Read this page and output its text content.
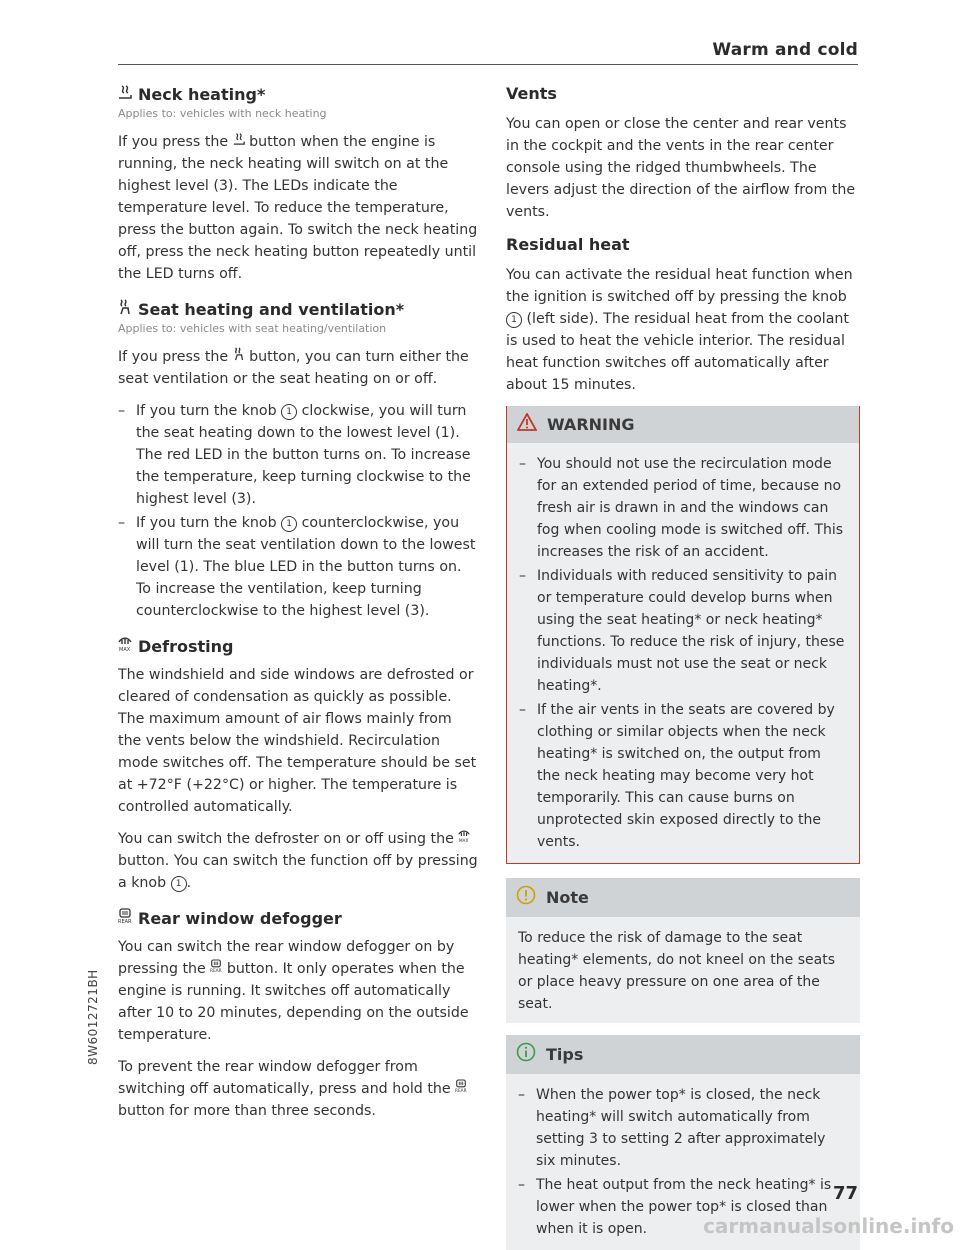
Warm and cold
Neck heating*
Applies to: vehicles with neck heating

If you press the button when the engine is running, the neck heating will switch on at the highest level (3). The LEDs indicate the temperature level. To reduce the temperature, press the button again. To switch the neck heating off, press the neck heating button repeatedly until the LED turns off.

Seat heating and ventilation*
Applies to: vehicles with seat heating/ventilation

If you press the button, you can turn either the seat ventilation or the seat heating on or off.

– If you turn the knob 1 clockwise, you will turn the seat heating down to the lowest level (1). The red LED in the button turns on. To increase the temperature, keep turning clockwise to the highest level (3).
– If you turn the knob 1 counterclockwise, you will turn the seat ventilation down to the lowest level (1). The blue LED in the button turns on. To increase the ventilation, keep turning counterclockwise to the highest level (3).
MAX Defrosting

The windshield and side windows are defrosted or cleared of condensation as quickly as possible. The maximum amount of air flows mainly from the vents below the windshield. Recirculation mode switches off. The temperature should be set at +72°F (+22°C) or higher. The temperature is controlled automatically.

You can switch the defroster on or off using the MAX
button. You can switch the function off by pressing a knob 1 .

REAR Rear window defogger

You can switch the rear window defogger on by pressing the REAR button. It only operates when the engine is running. It switches off automatically after 10 to 20 minutes, depending on the outside temperature.

To prevent the rear window defogger from switching off automatically, press and hold the REAR
button for more than three seconds.

Vents

You can open or close the center and rear vents in the cockpit and the vents in the rear center console using the ridged thumbwheels. The levers adjust the direction of the airflow from the vents.

Residual heat

You can activate the residual heat function when the ignition is switched off by pressing the knob 1 (left side). The residual heat from the coolant is used to heat the vehicle interior. The residual heat function switches off automatically after about 15 minutes.

WARNING
– You should not use the recirculation mode for an extended period of time, because no fresh air is drawn in and the windows can fog when cooling mode is switched off. This increases the risk of an accident.
– Individuals with reduced sensitivity to pain or temperature could develop burns when using the seat heating* or neck heating* functions. To reduce the risk of injury, these individuals must not use the seat or neck heating*.
– If the air vents in the seats are covered by clothing or similar objects when the neck heating* is switched on, the output from the neck heating may become very hot temporarily. This can cause burns on unprotected skin exposed directly to the vents.
Note

To reduce the risk of damage to the seat heating* elements, do not kneel on the seats or place heavy pressure on one area of the seat.

Tips
– When the power top* is closed, the neck heating* will switch automatically from setting 3 to setting 2 after approximately six minutes.
– The heat output from the neck heating* is lower when the power top* is closed than when it is open.
8W6012721BH
77
carmanualsonline.info
